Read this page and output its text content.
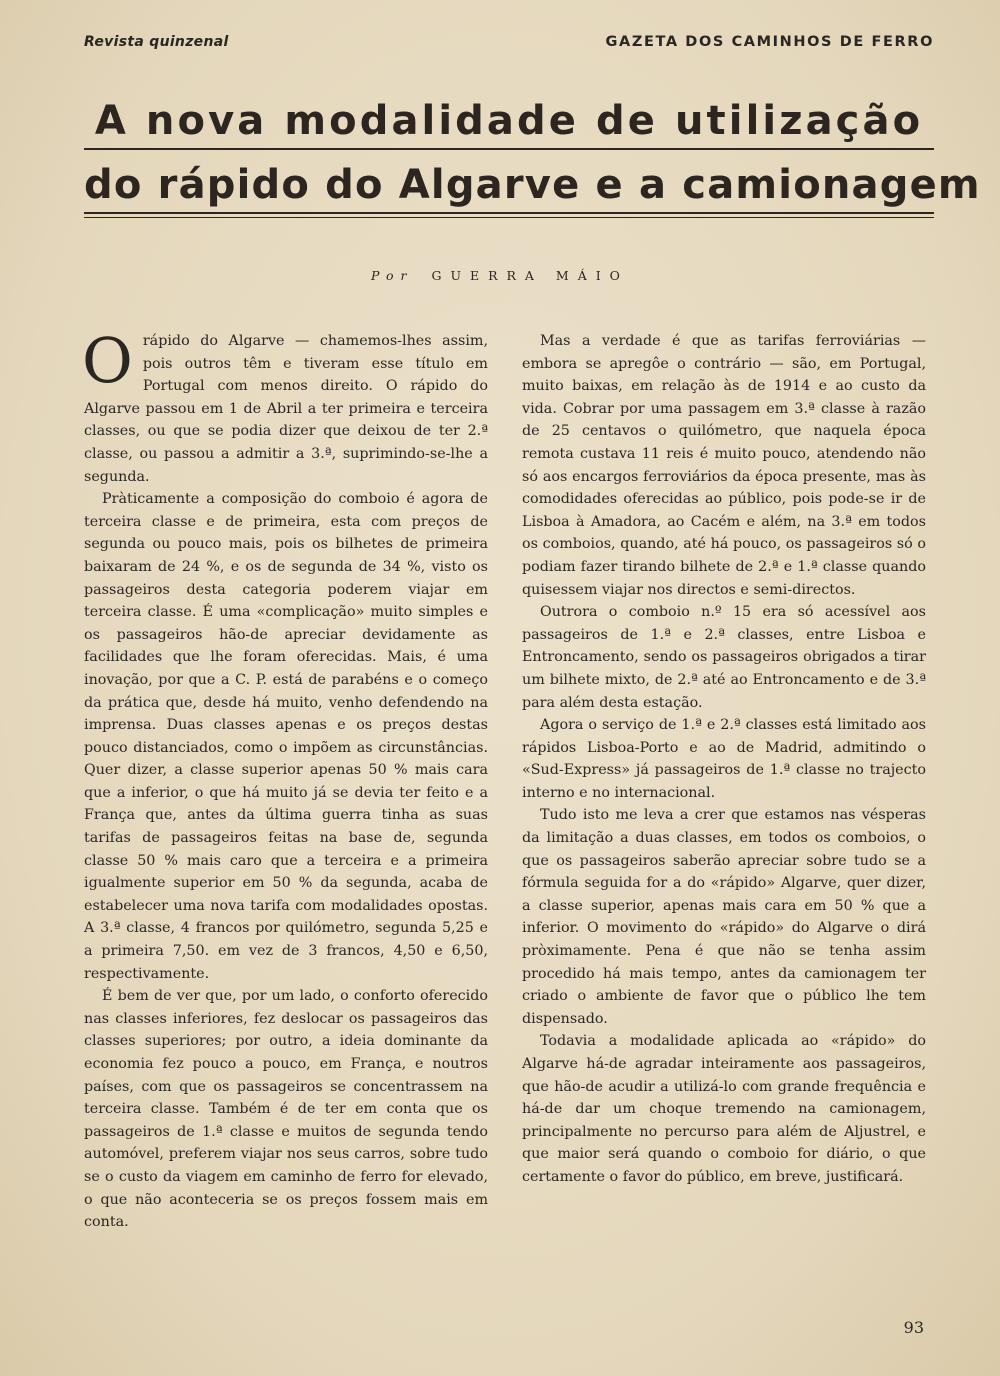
Revista quinzenal	GAZETA DOS CAMINHOS DE FERRO
A nova modalidade de utilização
do rápido do Algarve e a camionagem
Por GUERRA MÁIO

Orápido do Algarve — chamemos-lhes assim, pois outros têm e tiveram esse título em Portugal com menos direito. O rápido do Algarve passou em 1 de Abril a ter primeira e terceira classes, ou que se podia dizer que deixou de ter 2.ª classe, ou passou a admitir a 3.ª, suprimindo-se-lhe a segunda.

Pràticamente a composição do comboio é agora de terceira classe e de primeira, esta com preços de segunda ou pouco mais, pois os bilhetes de primeira baixaram de 24 %, e os de segunda de 34 %, visto os passageiros desta categoria poderem viajar em terceira classe. É uma «complicação» muito simples e os passageiros hão-de apreciar devidamente as facilidades que lhe foram oferecidas. Mais, é uma inovação, por que a C. P. está de parabéns e o começo da prática que, desde há muito, venho defendendo na imprensa. Duas classes apenas e os preços destas pouco distanciados, como o impõem as circunstâncias. Quer dizer, a classe superior apenas 50 % mais cara que a inferior, o que há muito já se devia ter feito e a França que, antes da última guerra tinha as suas tarifas de passageiros feitas na base de, segunda classe 50 % mais caro que a terceira e a primeira igualmente superior em 50 % da segunda, acaba de estabelecer uma nova tarifa com modalidades opostas. A 3.ª classe, 4 francos por quilómetro, segunda 5,25 e a primeira 7,50. em vez de 3 francos, 4,50 e 6,50, respectivamente.

É bem de ver que, por um lado, o conforto oferecido nas classes inferiores, fez deslocar os passageiros das classes superiores; por outro, a ideia dominante da economia fez pouco a pouco, em França, e noutros países, com que os passageiros se concentrassem na terceira classe. Também é de ter em conta que os passageiros de 1.ª classe e muitos de segunda tendo automóvel, preferem viajar nos seus carros, sobre tudo se o custo da viagem em caminho de ferro for elevado, o que não aconteceria se os preços fossem mais em conta.

Mas a verdade é que as tarifas ferroviárias — embora se apregôe o contrário — são, em Portugal, muito baixas, em relação às de 1914 e ao custo da vida. Cobrar por uma passagem em 3.ª classe à razão de 25 centavos o quilómetro, que naquela época remota custava 11 reis é muito pouco, atendendo não só aos encargos ferroviários da época presente, mas às comodidades oferecidas ao público, pois pode-se ir de Lisboa à Amadora, ao Cacém e além, na 3.ª em todos os comboios, quando, até há pouco, os passageiros só o podiam fazer tirando bilhete de 2.ª e 1.ª classe quando quisessem viajar nos directos e semi-directos.

Outrora o comboio n.º 15 era só acessível aos passageiros de 1.ª e 2.ª classes, entre Lisboa e Entroncamento, sendo os passageiros obrigados a tirar um bilhete mixto, de 2.ª até ao Entroncamento e de 3.ª para além desta estação.

Agora o serviço de 1.ª e 2.ª classes está limitado aos rápidos Lisboa-Porto e ao de Madrid, admitindo o «Sud-Express» já passageiros de 1.ª classe no trajecto interno e no internacional.

Tudo isto me leva a crer que estamos nas vésperas da limitação a duas classes, em todos os comboios, o que os passageiros saberão apreciar sobre tudo se a fórmula seguida for a do «rápido» Algarve, quer dizer, a classe superior, apenas mais cara em 50 % que a inferior. O movimento do «rápido» do Algarve o dirá pròximamente. Pena é que não se tenha assim procedido há mais tempo, antes da camionagem ter criado o ambiente de favor que o público lhe tem dispensado.

Todavia a modalidade aplicada ao «rápido» do Algarve há-de agradar inteiramente aos passageiros, que hão-de acudir a utilizá-lo com grande frequência e há-de dar um choque tremendo na camionagem, principalmente no percurso para além de Aljustrel, e que maior será quando o comboio for diário, o que certamente o favor do público, em breve, justificará.

93
